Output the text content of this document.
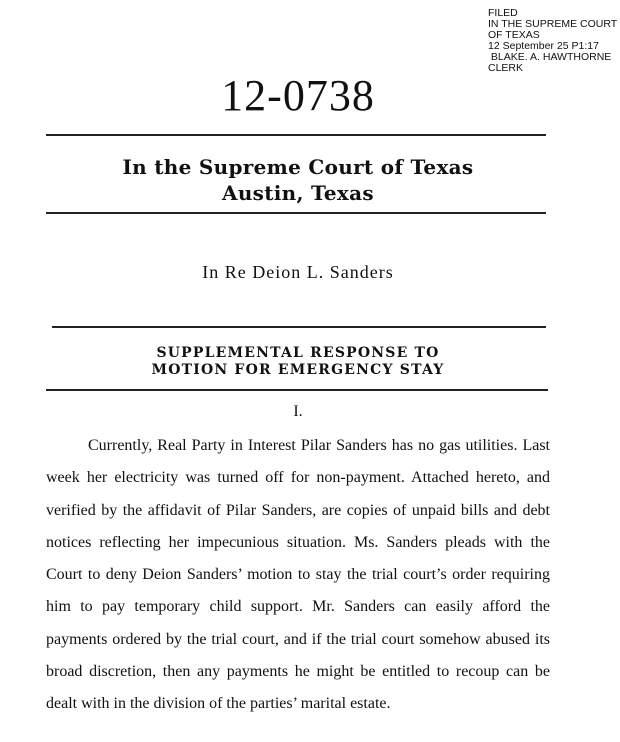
FILED
IN THE SUPREME COURT
OF TEXAS
12 September 25 P1:17
BLAKE. A. HAWTHORNE
CLERK
12-0738
In the Supreme Court of Texas
Austin, Texas
In Re Deion L. Sanders
SUPPLEMENTAL RESPONSE TO
MOTION FOR EMERGENCY STAY
I.

Currently, Real Party in Interest Pilar Sanders has no gas utilities. Last week her electricity was turned off for non-payment. Attached hereto, and verified by the affidavit of Pilar Sanders, are copies of unpaid bills and debt notices reflecting her impecunious situation. Ms. Sanders pleads with the Court to deny Deion Sanders’ motion to stay the trial court’s order requiring him to pay temporary child support. Mr. Sanders can easily afford the payments ordered by the trial court, and if the trial court somehow abused its broad discretion, then any payments he might be entitled to recoup can be dealt with in the division of the parties’ marital estate.
